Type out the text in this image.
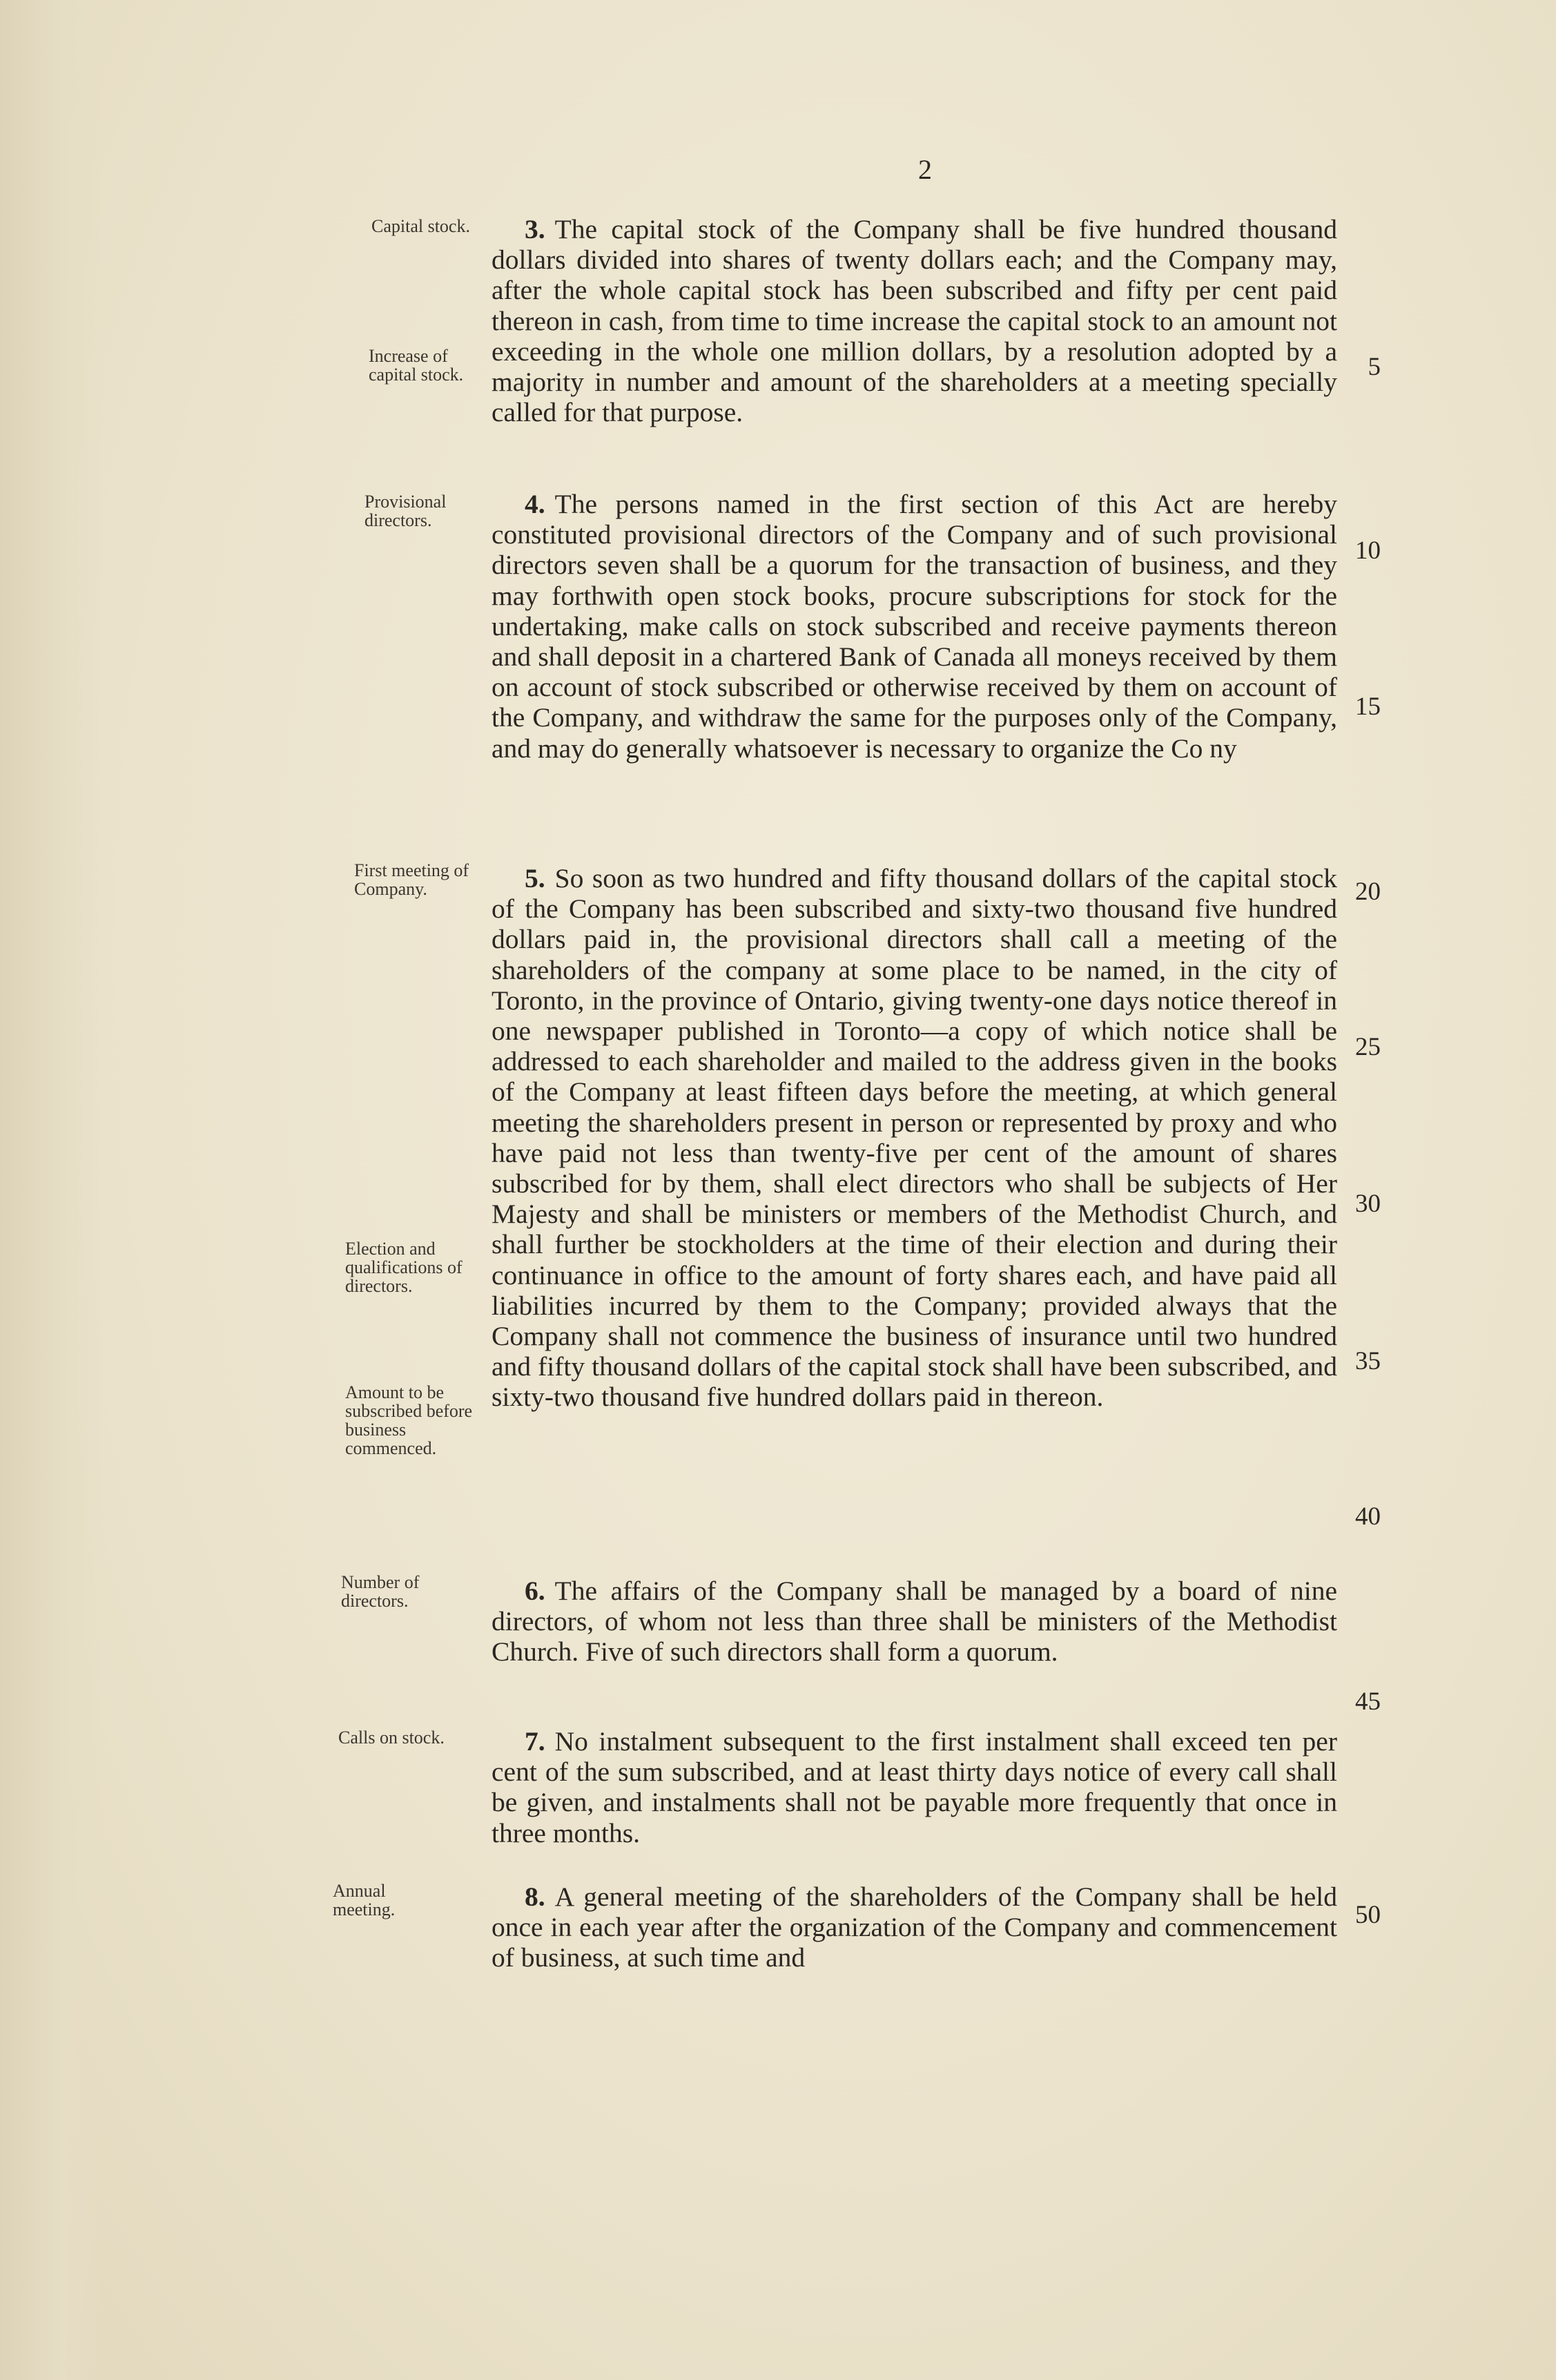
2

3. The capital stock of the Company shall be five hundred thousand dollars divided into shares of twenty dollars each; and the Company may, after the whole capital stock has been subscribed and fifty per cent paid thereon in cash, from time to time increase the capital stock to an amount not exceeding in the whole one million dollars, by a resolution adopted by a majority in number and amount of the shareholders at a meeting specially called for that purpose.

4. The persons named in the first section of this Act are hereby constituted provisional directors of the Company and of such provisional directors seven shall be a quorum for the transaction of business, and they may forthwith open stock books, procure subscriptions for stock for the undertaking, make calls on stock subscribed and receive payments thereon and shall deposit in a chartered Bank of Canada all moneys received by them on account of stock subscribed or otherwise received by them on account of the Company, and withdraw the same for the purposes only of the Company, and may do generally whatsoever is necessary to organize the Co ny

5. So soon as two hundred and fifty thousand dollars of the capital stock of the Company has been subscribed and sixty-two thousand five hundred dollars paid in, the provisional directors shall call a meeting of the shareholders of the company at some place to be named, in the city of Toronto, in the province of Ontario, giving twenty-one days notice thereof in one newspaper published in Toronto—a copy of which notice shall be addressed to each shareholder and mailed to the address given in the books of the Company at least fifteen days before the meeting, at which general meeting the shareholders present in person or represented by proxy and who have paid not less than twenty-five per cent of the amount of shares subscribed for by them, shall elect directors who shall be subjects of Her Majesty and shall be ministers or members of the Methodist Church, and shall further be stockholders at the time of their election and during their continuance in office to the amount of forty shares each, and have paid all liabilities incurred by them to the Company; provided always that the Company shall not commence the business of insurance until two hundred and fifty thousand dollars of the capital stock shall have been subscribed, and sixty-two thousand five hundred dollars paid in thereon.

6. The affairs of the Company shall be managed by a board of nine directors, of whom not less than three shall be ministers of the Methodist Church. Five of such directors shall form a quorum.

7. No instalment subsequent to the first instalment shall exceed ten per cent of the sum subscribed, and at least thirty days notice of every call shall be given, and instalments shall not be payable more frequently that once in three months.

8. A general meeting of the shareholders of the Company shall be held once in each year after the organization of the Company and commencement of business, at such time and

Capital stock.
Increase of capital stock.
Provisional directors.
First meeting of Company.
Election and qualifications of directors.
Amount to be subscribed before business commenced.
Number of directors.
Calls on stock.
Annual meeting.
5
10
15
20
25
30
35
40
45
50
